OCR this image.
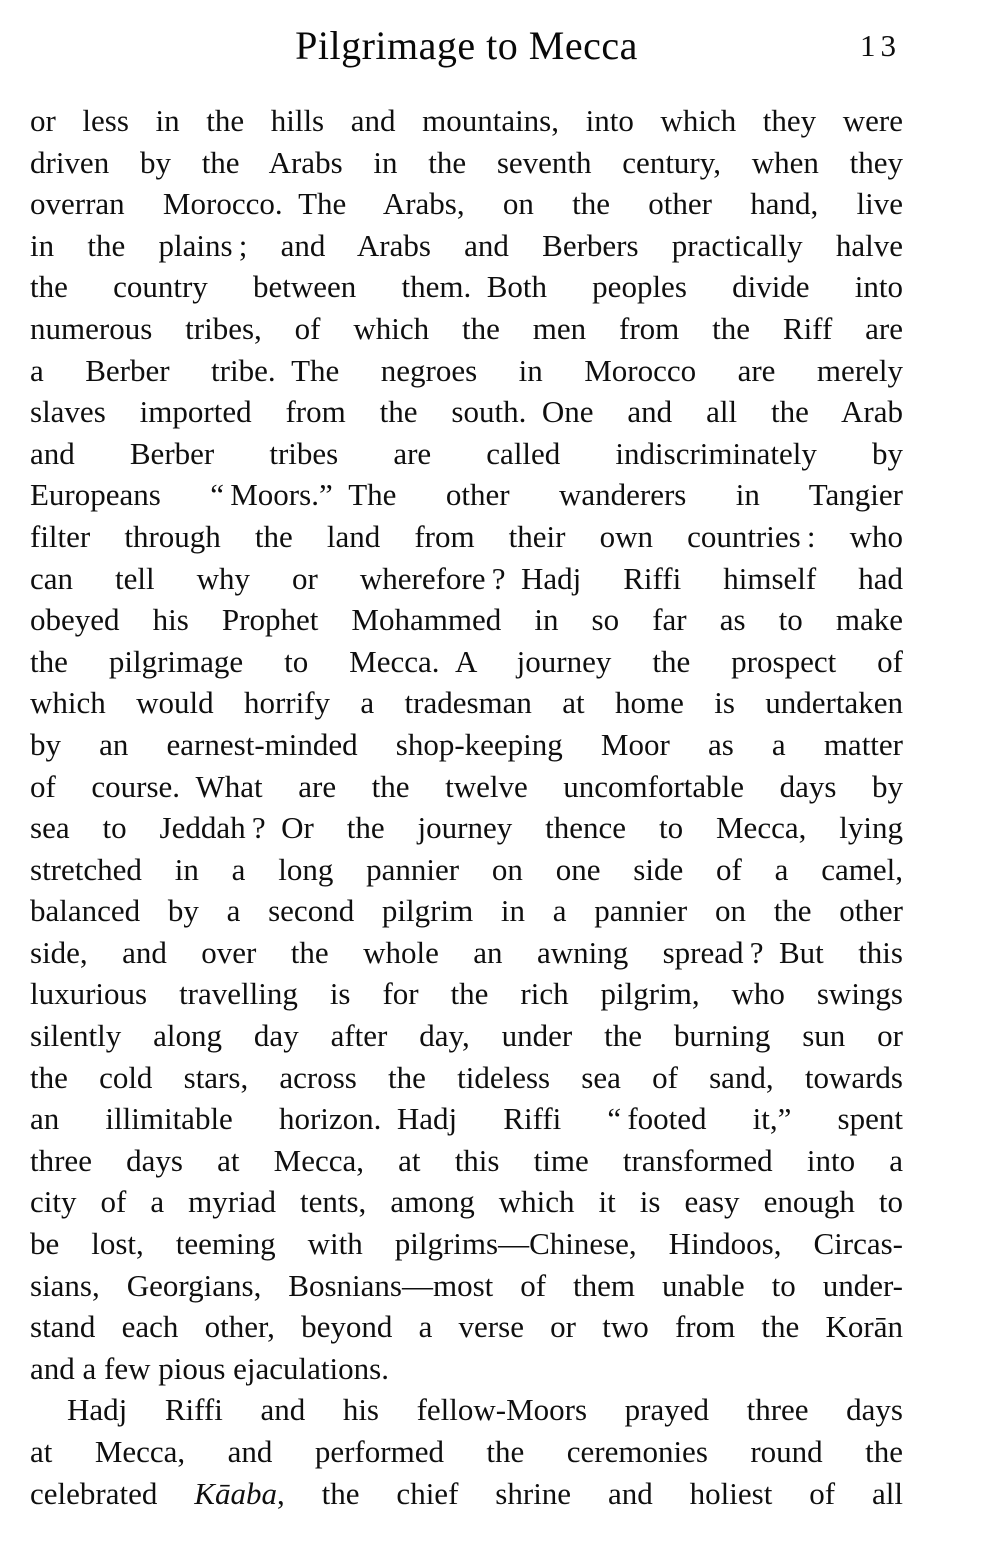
Pilgrimage to Mecca	13
or less in the hills and mountains, into which they were
driven by the Arabs in the seventh century, when they
overran Morocco. The Arabs, on the other hand, live
in the plains ; and Arabs and Berbers practically halve
the country between them. Both peoples divide into
numerous tribes, of which the men from the Riff are
a Berber tribe. The negroes in Morocco are merely
slaves imported from the south. One and all the Arab
and Berber tribes are called indiscriminately by
Europeans “ Moors.” The other wanderers in Tangier
filter through the land from their own countries : who
can tell why or wherefore ? Hadj Riffi himself had
obeyed his Prophet Mohammed in so far as to make
the pilgrimage to Mecca. A journey the prospect of
which would horrify a tradesman at home is undertaken
by an earnest-minded shop-keeping Moor as a matter
of course. What are the twelve uncomfortable days by
sea to Jeddah ? Or the journey thence to Mecca, lying
stretched in a long pannier on one side of a camel,
balanced by a second pilgrim in a pannier on the other
side, and over the whole an awning spread ? But this
luxurious travelling is for the rich pilgrim, who swings
silently along day after day, under the burning sun or
the cold stars, across the tideless sea of sand, towards
an illimitable horizon. Hadj Riffi “ footed it,” spent
three days at Mecca, at this time transformed into a
city of a myriad tents, among which it is easy enough to
be lost, teeming with pilgrims—Chinese, Hindoos, Circas-
sians, Georgians, Bosnians—most of them unable to under-
stand each other, beyond a verse or two from the Korān
and a few pious ejaculations.
Hadj Riffi and his fellow-Moors prayed three days
at Mecca, and performed the ceremonies round the
celebrated Kāaba, the chief shrine and holiest of all
